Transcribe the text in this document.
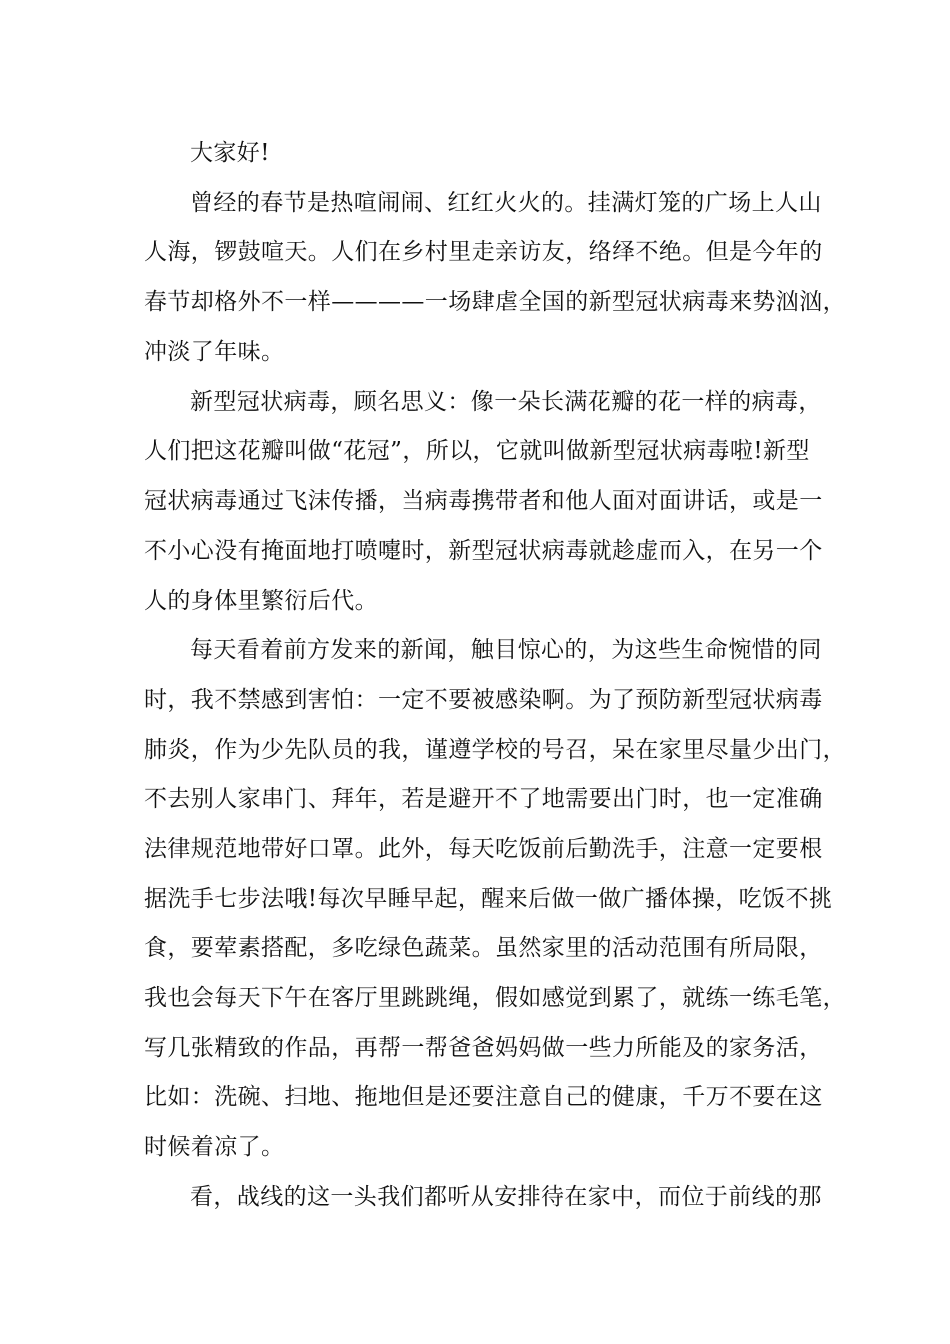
大家好!
曾经的春节是热喧闹闹、红红火火的。挂满灯笼的广场上人山
人海，锣鼓喧天。人们在乡村里走亲访友，络绎不绝。但是今年的
春节却格外不一样————一场肆虐全国的新型冠状病毒来势汹汹，
冲淡了年味。
新型冠状病毒，顾名思义：像一朵长满花瓣的花一样的病毒，
人们把这花瓣叫做“花冠”，所以，它就叫做新型冠状病毒啦!新型
冠状病毒通过飞沫传播，当病毒携带者和他人面对面讲话，或是一
不小心没有掩面地打喷嚏时，新型冠状病毒就趁虚而入，在另一个
人的身体里繁衍后代。
每天看着前方发来的新闻，触目惊心的，为这些生命惋惜的同
时，我不禁感到害怕：一定不要被感染啊。为了预防新型冠状病毒
肺炎，作为少先队员的我，谨遵学校的号召，呆在家里尽量少出门，
不去别人家串门、拜年，若是避开不了地需要出门时，也一定准确
法律规范地带好口罩。此外，每天吃饭前后勤洗手，注意一定要根
据洗手七步法哦!每次早睡早起，醒来后做一做广播体操，吃饭不挑
食，要荤素搭配，多吃绿色蔬菜。虽然家里的活动范围有所局限，
我也会每天下午在客厅里跳跳绳，假如感觉到累了，就练一练毛笔，
写几张精致的作品，再帮一帮爸爸妈妈做一些力所能及的家务活，
比如：洗碗、扫地、拖地但是还要注意自己的健康，千万不要在这
时候着凉了。
看，战线的这一头我们都听从安排待在家中，而位于前线的那
